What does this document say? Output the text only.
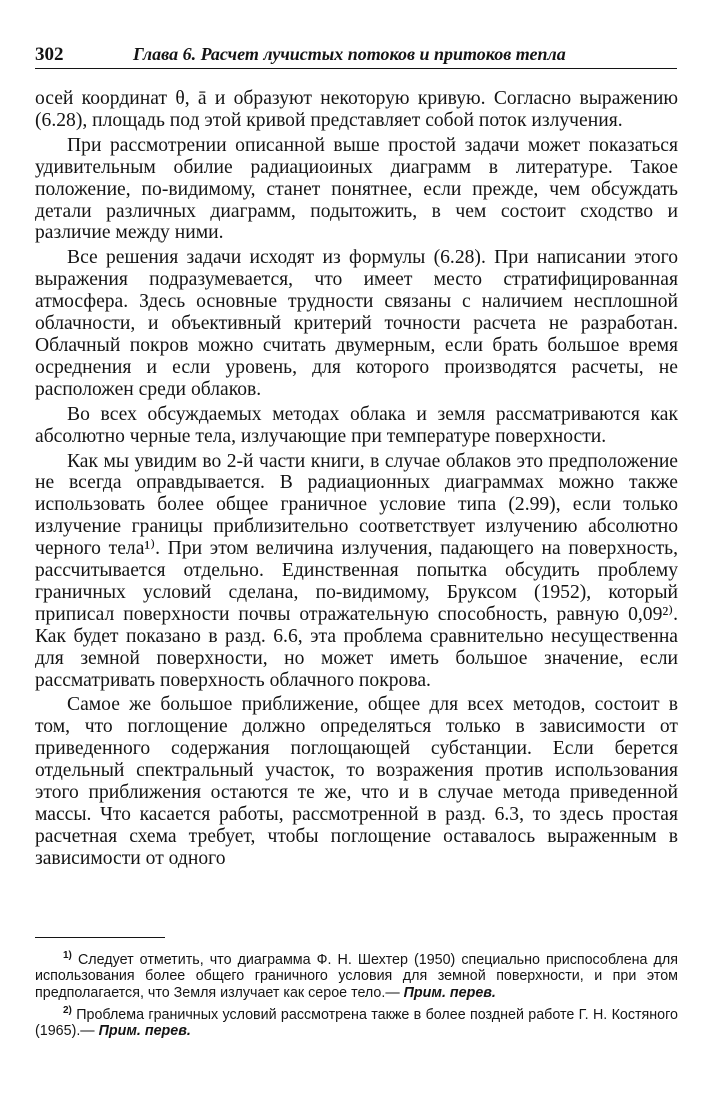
302	Глава 6. Расчет лучистых потоков и притоков тепла

осей координат θ, ā и образуют некоторую кривую. Согласно выражению (6.28), площадь под этой кривой представляет собой поток излучения.

При рассмотрении описанной выше простой задачи может показаться удивительным обилие радиациоиных диаграмм в литературе. Такое положение, по-видимому, станет понятнее, если прежде, чем обсуждать детали различных диаграмм, подытожить, в чем состоит сходство и различие между ними.

Все решения задачи исходят из формулы (6.28). При написании этого выражения подразумевается, что имеет место стратифицированная атмосфера. Здесь основные трудности связаны с наличием несплошной облачности, и объективный критерий точности расчета не разработан. Облачный покров можно считать двумерным, если брать большое время осреднения и если уровень, для которого производятся расчеты, не расположен среди облаков.

Во всех обсуждаемых методах облака и земля рассматриваются как абсолютно черные тела, излучающие при температуре поверхности.

Как мы увидим во 2-й части книги, в случае облаков это предположение не всегда оправдывается. В радиационных диаграммах можно также использовать более общее граничное условие типа (2.99), если только излучение границы приблизительно соответствует излучению абсолютно черного тела¹⁾. При этом величина излучения, падающего на поверхность, рассчитывается отдельно. Единственная попытка обсудить проблему граничных условий сделана, по-видимому, Бруксом (1952), который приписал поверхности почвы отражательную способность, равную 0,09²⁾. Как будет показано в разд. 6.6, эта проблема сравнительно несущественна для земной поверхности, но может иметь большое значение, если рассматривать поверхность облачного покрова.

Самое же большое приближение, общее для всех методов, состоит в том, что поглощение должно определяться только в зависимости от приведенного содержания поглощающей субстанции. Если берется отдельный спектральный участок, то возражения против использования этого приближения остаются те же, что и в случае метода приведенной массы. Что касается работы, рассмотренной в разд. 6.3, то здесь простая расчетная схема требует, чтобы поглощение оставалось выраженным в зависимости от одного

$^{1)}$ Следует отметить, что диаграмма Ф. Н. Шехтер (1950) специально приспособлена для использования более общего граничного условия для земной поверхности, и при этом предполагается, что Земля излучает как серое тело.— Прим. перев.

$^{2)}$ Проблема граничных условий рассмотрена также в более поздней работе Г. Н. Костяного (1965).— Прим. перев.
